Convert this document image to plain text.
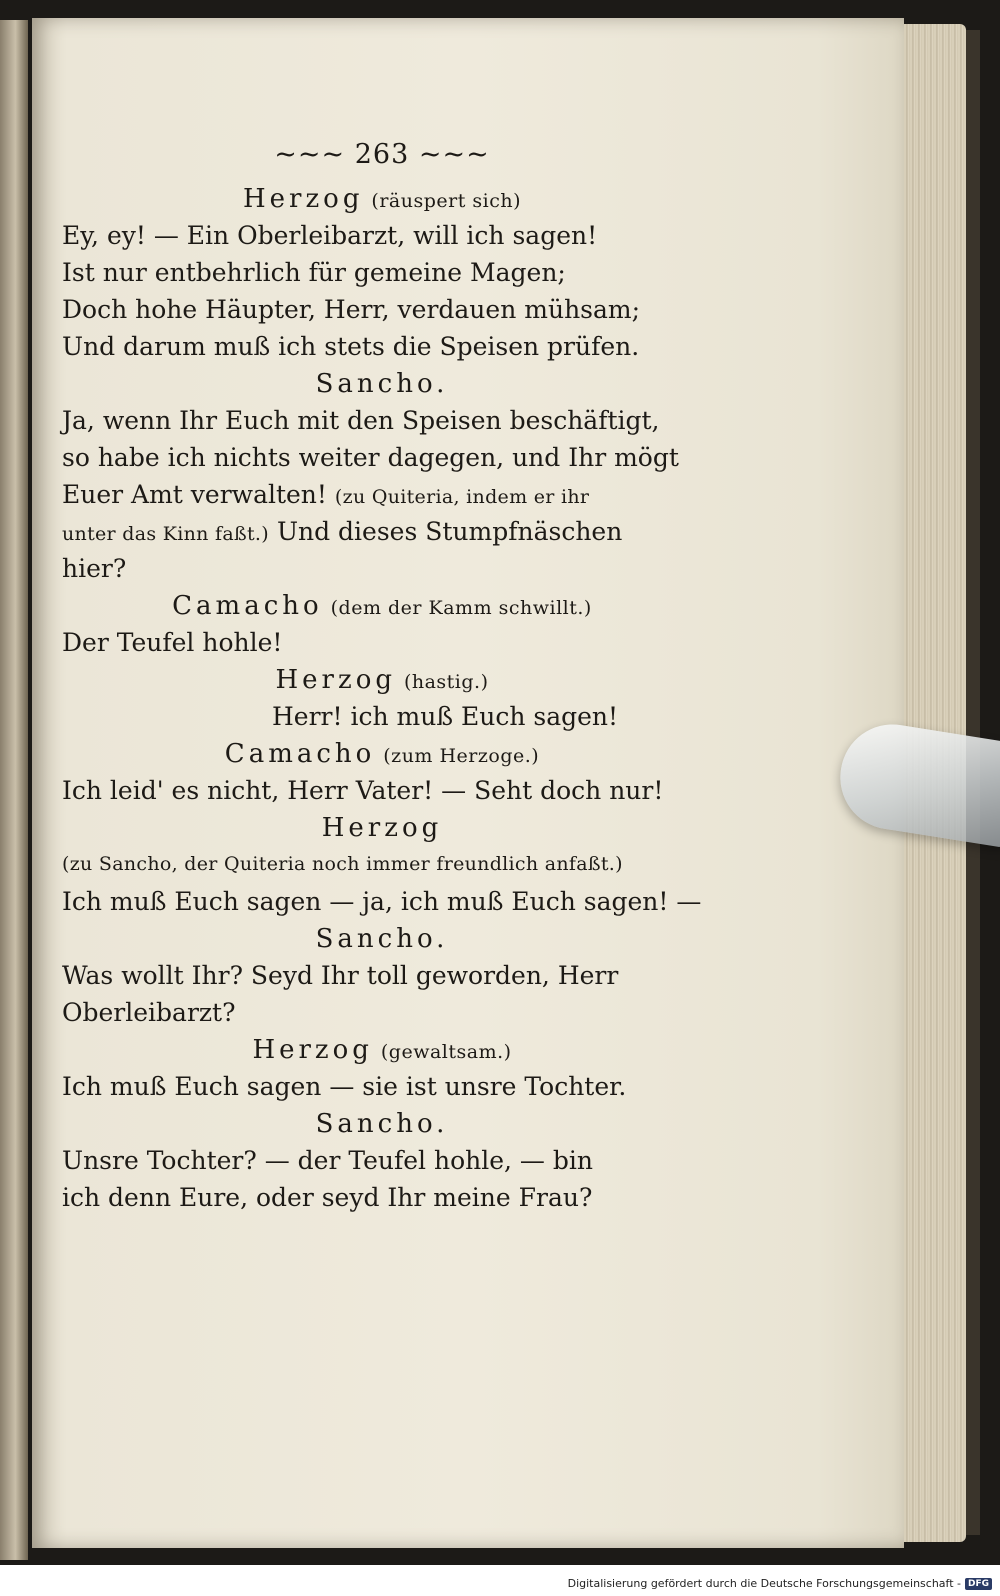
~~~ 263 ~~~
Herzog (räuspert sich)
Ey, ey! — Ein Oberleibarzt, will ich sagen!
Ist nur entbehrlich für gemeine Magen;
Doch hohe Häupter, Herr, verdauen mühsam;
Und darum muß ich stets die Speisen prüfen.
Sancho.
Ja, wenn Ihr Euch mit den Speisen beschäftigt,
so habe ich nichts weiter dagegen, und Ihr mögt
Euer Amt verwalten! (zu Quiteria, indem er ihr
unter das Kinn faßt.) Und dieses Stumpfnäschen
hier?
Camacho (dem der Kamm schwillt.)
Der Teufel hohle!
Herzog (hastig.)
Herr! ich muß Euch sagen!
Camacho (zum Herzoge.)
Ich leid' es nicht, Herr Vater! — Seht doch nur!
Herzog
(zu Sancho, der Quiteria noch immer freundlich anfaßt.)
Ich muß Euch sagen — ja, ich muß Euch sagen! —
Sancho.
Was wollt Ihr? Seyd Ihr toll geworden, Herr
Oberleibarzt?
Herzog (gewaltsam.)
Ich muß Euch sagen — sie ist unsre Tochter.
Sancho.
Unsre Tochter? — der Teufel hohle, — bin
ich denn Eure, oder seyd Ihr meine Frau?
Digitalisierung gefördert durch die Deutsche Forschungsgemeinschaft - DFG
